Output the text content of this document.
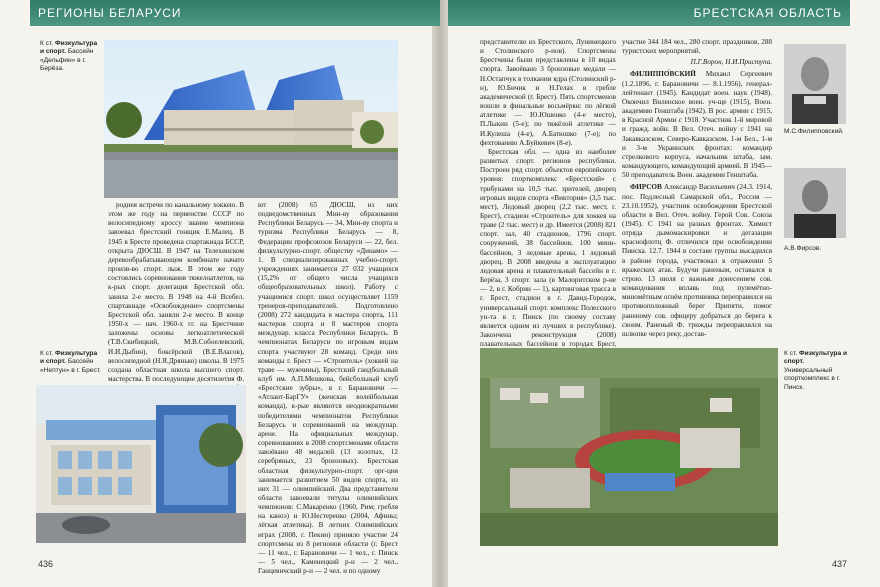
РЕГИОНЫ БЕЛАРУСИ	БРЕСТСКАЯ ОБЛАСТЬ
К ст. Физкультура и спорт. Бассейн «Дельфин» в г. Берёза.

роднея встречи по канальному хоккею. В этом же году на первенстве СССР по велосипедному кроссу звание чемпиона завоевал брестский гонщик Е.Малец. В 1945 в Бресте проведена спартакиада БССР, открыта ДЮСШ. В 1947 на Телехинском деревообрабатывающем комбинате начато произв-во спорт. лыж. В этом же году состоялись соревнования тяжелоатлетов, на к-рых спорт. делегация Брестской обл. заняла 2-е место. В 1948 на 4-й Всебел. спартакиаде «Освобождение» спортсмены Брестской обл. заняли 2-е место. В конце 1950-х — нач. 1960-х гг. на Брестчине заложены основы легкоатлетической (Т.В.Скибицкий, М.В.Собоелевский, И.И.Дыбин), боксёрской (В.Е.Власов), велосипедной (Н.Я.Дрянько) школы. В 1975 создана областная школа высшего спорт. мастерства. В последующие десятилетия Ф.

ют (2008) 65 ДЮСШ, из них подведомственных Мин-ву образования Республики Беларусь — 34, Мин-ву спорта и туризма Республики Беларусь — 8, Федерации профсоюзов Беларуси — 22, бел. физкультурно-спорт. обществу «Динамо» — 1. В специализированных учебно-спорт. учреждениях занимается 27 032 учащихся (15,2% от общего числа учащихся общеобразовательных школ). Работу с учащимися спорт. школ осуществляет 1159 тренеров-преподавателей. Подготовлено (2008) 272 кандидата в мастера спорта, 111 мастеров спорта и 8 мастеров спорта междунар. класса Республики Беларусь. В чемпионатах Беларуси по игровым видам спорта участвуют 28 команд. Среди них команды г. Брест — «Строитель» (хоккей на траве — мужчины), Брестский гандбольный клуб им. А.П.Мешкова, бейсбольный клуб «Брестские зубры», в г. Барановичи — «Атлант-БарГУ» (женская волейбольная команда), к-рые являются неоднократными победителями чемпионатов Республики Беларусь и соревнований на междунар. арене. На официальных междунар. соревнованиях в 2008 спортсменами области завоёвано 48 медалей (13 золотых, 12 серебряных, 23 бронзовых). Брестская областная физкультурно-спорт. орг-ция занимается развитием 50 видов спорта, из них 31 — олимпийский. Два представителя области завоевали титулы олимпийских чемпионов: С.Макаренко (1960, Рим; гребля на каноэ) и Ю.Нестеренко (2004, Афины; лёгкая атлетика). В летних Олимпийских играх (2008, г. Пекин) приняло участие 24 спортсмена из 8 регионов области (г. Брест — 11 чел., г. Барановичи — 1 чел., г. Пинск — 5 чел., Каменецкий р-н — 2 чел., Ганцевичский р-н — 2 чел. и по одному

К ст. Физкультура и спорт. Бассейн «Нептун» в г. Брест.
436

представителю из Брестского, Лунинецкого и Столинского р-нов). Спортсмены Брестчины были представлены в 10 видах спорта. Завоёвано 3 бронзовые медали — Н.Остапчук в толкании ядра (Столинский р-н), Ю.Бичик и Н.Гелах в гребле академической (г. Брест). Пять спортсменов вошли в финальные восьмёрки: по лёгкой атлетике — Ю.Юшенко (4-е место), П.Лыкин (5-е); по тяжёлой атлетике — И.Кулеша (4-е), А.Батюшко (7-е); по фехтованию А.Буйкевич (8-е).

Брестская обл. — одна из наиболее развитых спорт. регионов республики. Построен ряд спорт. объектов европейского уровня: спорткомплекс «Брестский» с трибунами на 10,5 тыс. зрителей, дворец игровых видов спорта «Виктория» (3,5 тыс. мест), Ледовый дворец (2,2 тыс. мест, г. Брест), стадион «Строитель» для хоккея на траве (2 тыс. мест) и др. Имеется (2008) 821 спорт. зал, 40 стадионов, 1796 спорт. сооружений, 38 бассейнов, 100 мини-бассейнов, 3 ледовые арены, 1 ледовый дворец. В 2008 введены в эксплуатацию ледовая арена и плавательный бассейн в г. Берёза, 3 спорт. зала (в Малоритском р-не — 2, в г. Кобрин — 1), картинговая трасса в г. Брест, стадион в г. Давид-Городок, универсальный спорт. комплекс Полесского ун-та в г. Пинск (по своему составу является одним из лучших в республике). Закончена реконструкция (2008) плавательных бассейнов в городах Брест,

участие 344 184 чел., 280 спорт. праздников, 288 туристских мероприятий.

П.Г.Ворон, Н.И.Приступа.

ФИЛИППО́ВСКИЙ Михаил Сергеевич (1.2.1896, г. Барановичи — 8.1.1956), генерал-лейтенант (1945). Кандидат воен. наук (1948). Окончил Виленское воен. уч-ще (1915), Воен. академию Генштаба (1942). В рос. армии с 1915, в Красной Армии с 1918. Участник 1-й мировой и гражд. войн. В Вел. Отеч. войну с 1941 на Закавказском, Северо-Кавказском, 1-м Бел., 1-м и 3-м Украинских фронтах: командир стрелкового корпуса, начальник штаба, зам. командующего, командующий армией. В 1945—50 преподаватель Воен. академии Генштаба.

ФИРСОВ Александр Васильевич (24.3. 1914, пос. Подлесный Самарской обл., Россия — 23.10.1952), участник освобождения Брестской области в Вел. Отеч. войну. Герой Сов. Союза (1945). С 1941 на разных фронтах. Химист отряда дымомаскировки и дегазации краснофлотц Ф. отличился при освобождении Пинска. 12.7. 1944 в составе группы высадился в районе города, участвовал в отражении 5 вражеских атак. Будучи раненым, оставался в строю. 13 июля с важным донесением сов. командования вплавь под пулемётно-миномётным огнём противника переправился на противоположный берег Припяти, помог раненому сов. офицеру добраться до берега к своим. Раненый Ф. трижды переправлялся на шлюпке через реку, достав-

М.С.Филипповский.
А.В.Фирсов.
К ст. Физкультура и спорт. Универсальный спорткомплекс в г. Пинск.
437
